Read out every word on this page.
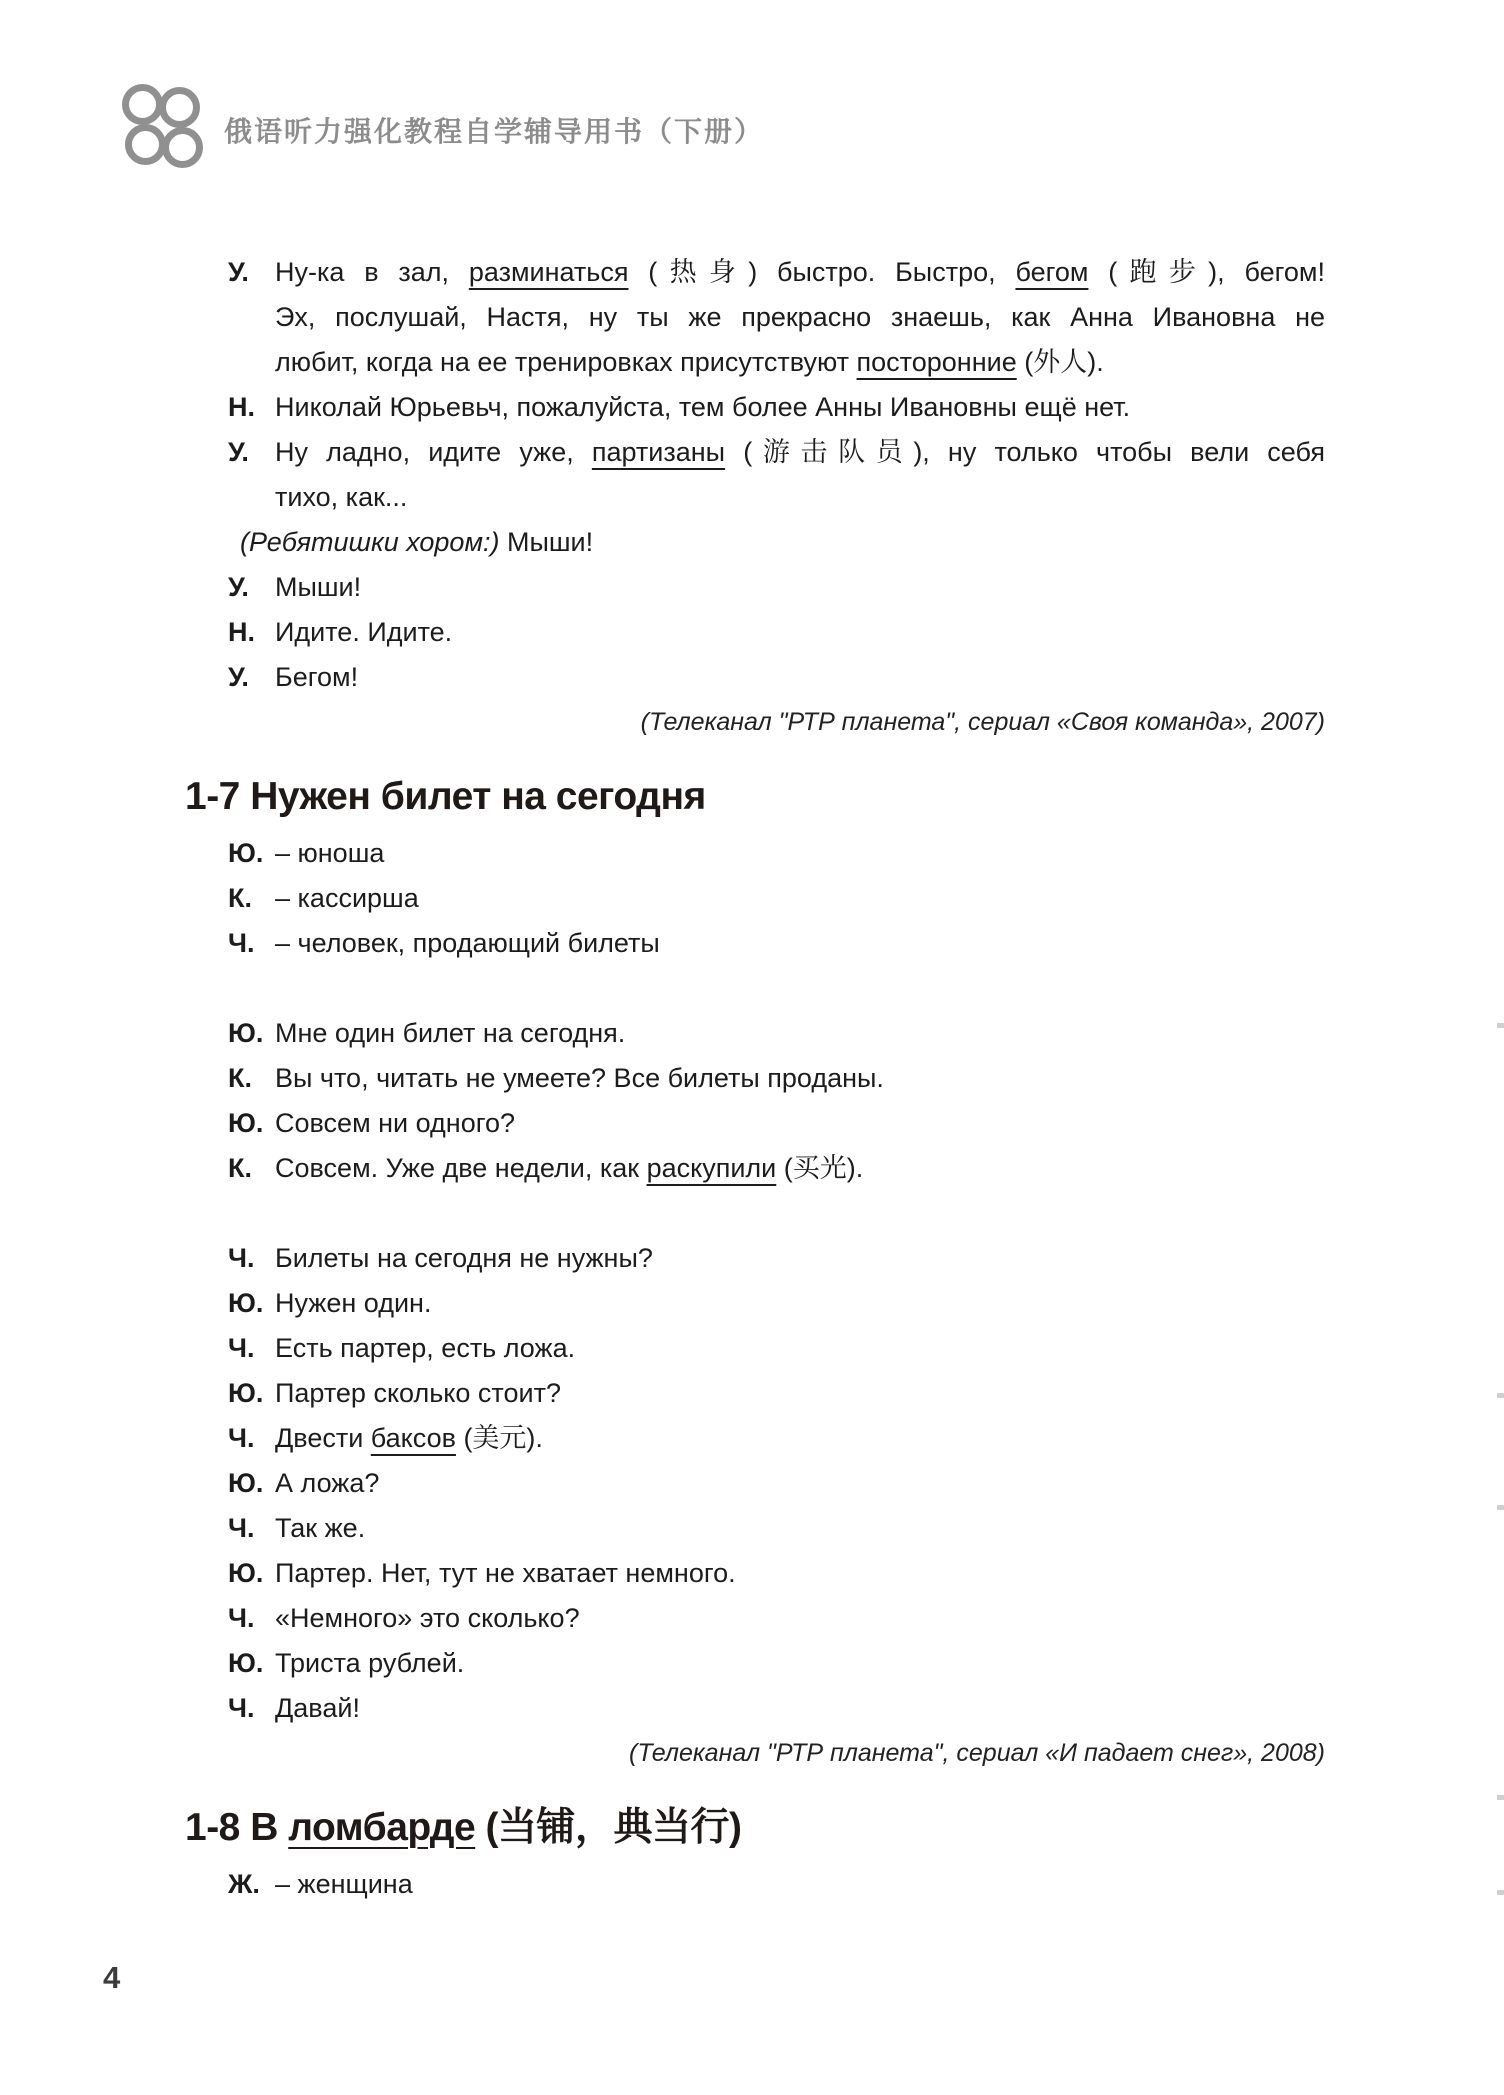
俄语听力强化教程自学辅导用书（下册）
У. Ну-ка в зал, разминаться (热身) быстро. Быстро, бегом (跑步), бегом!
Эх, послушай, Настя, ну ты же прекрасно знаешь, как Анна Ивановна не
любит, когда на ее тренировках присутствуют посторонние (外人).
Н. Николай Юрьевьч, пожалуйста, тем более Анны Ивановны ещё нет.
У. Ну ладно, идите уже, партизаны (游击队员), ну только чтобы вели себя
тихо, как...
(Ребятишки хором:) Мыши!
У. Мыши!
Н. Идите. Идите.
У. Бегом!
(Телеканал "РТР планета", сериал «Своя команда», 2007)
1-7 Нужен билет на сегодня
Ю. – юноша
К. – кассирша
Ч. – человек, продающий билеты
Ю. Мне один билет на сегодня.
К. Вы что, читать не умеете? Все билеты проданы.
Ю. Совсем ни одного?
К. Совсем. Уже две недели, как раскупили (买光).
Ч. Билеты на сегодня не нужны?
Ю. Нужен один.
Ч. Есть партер, есть ложа.
Ю. Партер сколько стоит?
Ч. Двести баксов (美元).
Ю. А ложа?
Ч. Так же.
Ю. Партер. Нет, тут не хватает немного.
Ч. «Немного» это сколько?
Ю. Триста рублей.
Ч. Давай!
(Телеканал "РТР планета", сериал «И падает снег», 2008)
1-8 В ломбарде (当铺，典当行)
Ж. – женщина
4
